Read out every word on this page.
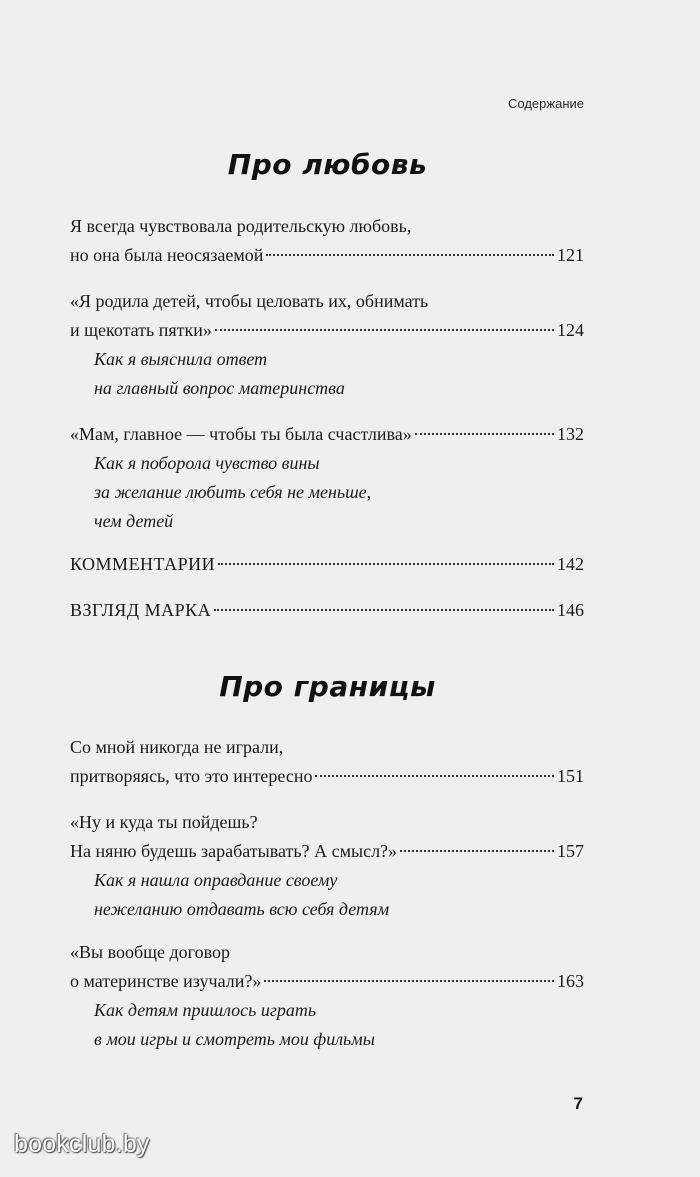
Содержание
Про любовь
Я всегда чувствовала родительскую любовь,
но она была неосязаемой	121
«Я родила детей, чтобы целовать их, обнимать
и щекотать пятки»	124
Как я выяснила ответ
на главный вопрос материнства
«Мам, главное — чтобы ты была счастлива»	132
Как я поборола чувство вины
за желание любить себя не меньше,
чем детей
КОММЕНТАРИИ	142
ВЗГЛЯД МАРКА	146
Про границы
Со мной никогда не играли,
притворяясь, что это интересно	151
«Ну и куда ты пойдешь?
На няню будешь зарабатывать? А смысл?»	157
Как я нашла оправдание своему
нежеланию отдавать всю себя детям
«Вы вообще договор
о материнстве изучали?»	163
Как детям пришлось играть
в мои игры и смотреть мои фильмы
7
bookclub.by
